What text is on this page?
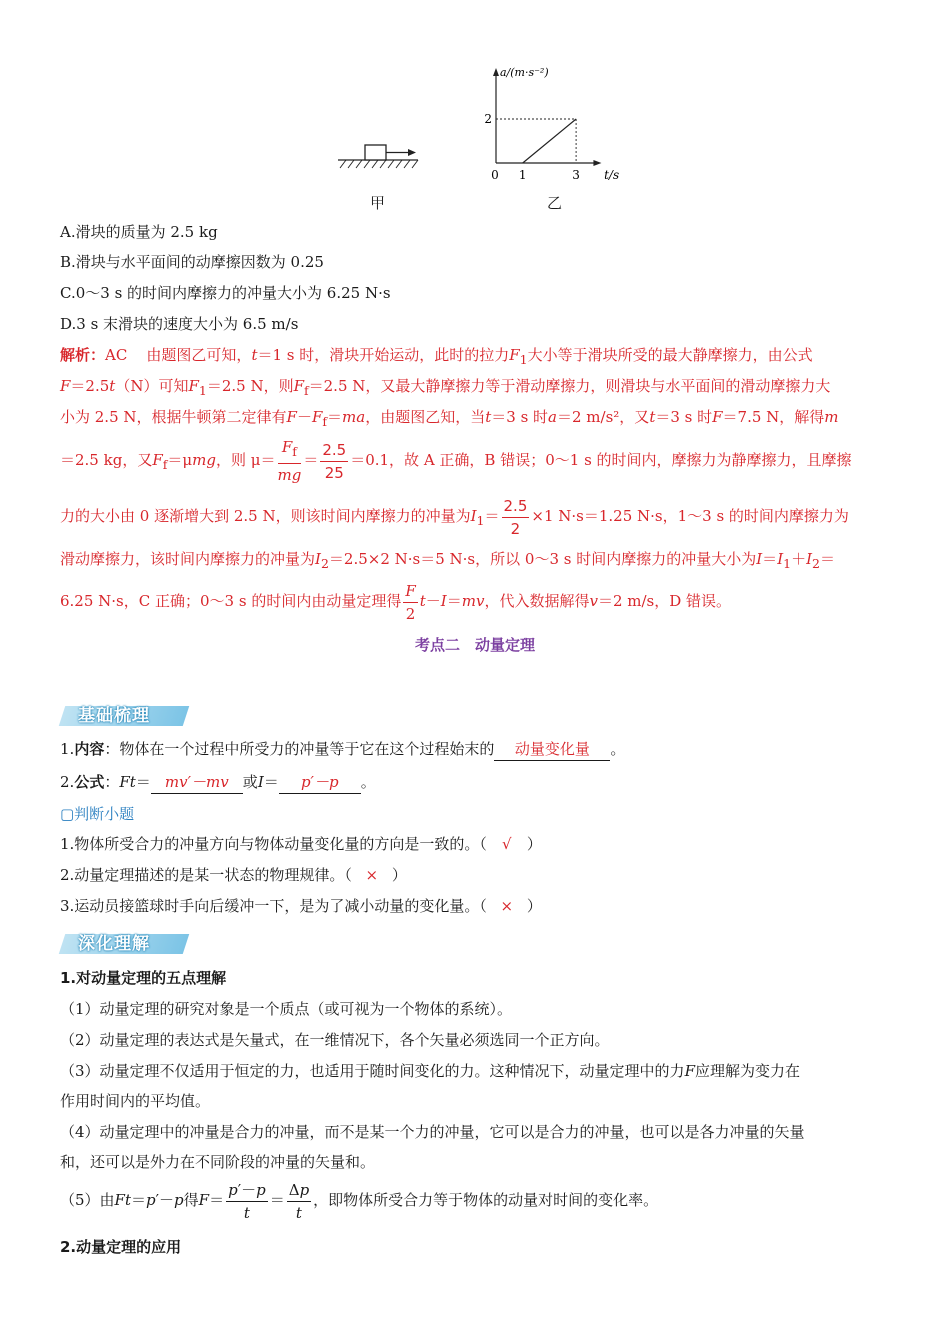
甲
a/(m·s⁻²)
t/s
2
0 1	3
乙
A.滑块的质量为 2.5 kg
B.滑块与水平面间的动摩擦因数为 0.25
C.0～3 s 的时间内摩擦力的冲量大小为 6.25 N·s
D.3 s 末滑块的速度大小为 6.5 m/s
解析：AC 由题图乙可知，t＝1 s 时，滑块开始运动，此时的拉力$F_1$大小等于滑块所受的最大静摩擦力，由公式
F＝2.5t（N）可知$F_1=2.5$ N，则$F_f=2.5$ N，又最大静摩擦力等于滑动摩擦力，则滑块与水平面间的滑动摩擦力大
小为 2.5 N，根据牛顿第二定律有$F-F_f=ma$，由题图乙知，当t＝3 s 时a＝2 m/s²，又t＝3 s 时F＝7.5 N，解得m
＝2.5 kg，又$F_f=\mu mg$，则 $\mu= \frac{F_f}{mg} = \frac{2.5}{25} =0.1$，故 A 正确，B 错误；0～1 s 的时间内，摩擦力为静摩擦力，且摩擦
力的大小由 0 逐渐增大到 2.5 N，则该时间内摩擦力的冲量为$I_1= \frac{2.5}{2} \times 1$ N·s＝1.25 N·s，1～3 s 的时间内摩擦力为
滑动摩擦力，该时间内摩擦力的冲量为$I_2=2.5\times 2$ N·s＝5 N·s，所以 0～3 s 时间内摩擦力的冲量大小为$I=I_1+I_2=$
6.25 N·s，C 正确；0～3 s 的时间内由动量定理得 $\frac{F}{2} t-I=mv$，代入数据解得v＝2 m/s，D 错误。
考点二　动量定理
基础梳理
1.内容：物体在一个过程中所受力的冲量等于它在这个过程始末的 动量变化量 。
2.公式：Ft＝ mv′－mv 或I＝ p′－p 。
▢判断小题
1.物体所受合力的冲量方向与物体动量变化量的方向是一致的。（ √ ）
2.动量定理描述的是某一状态的物理规律。（ × ）
3.运动员接篮球时手向后缓冲一下，是为了减小动量的变化量。（ × ）
深化理解
1.对动量定理的五点理解
（1）动量定理的研究对象是一个质点（或可视为一个物体的系统）。
（2）动量定理的表达式是矢量式，在一维情况下，各个矢量必须选同一个正方向。
（3）动量定理不仅适用于恒定的力，也适用于随时间变化的力。这种情况下，动量定理中的力F应理解为变力在
作用时间内的平均值。
（4）动量定理中的冲量是合力的冲量，而不是某一个力的冲量，它可以是合力的冲量，也可以是各力冲量的矢量
和，还可以是外力在不同阶段的冲量的矢量和。
（5）由Ft＝p′－p得$F= \frac{p'-p}{t} = \frac{\Delta p}{t}$ ，即物体所受合力等于物体的动量对时间的变化率。
2.动量定理的应用
